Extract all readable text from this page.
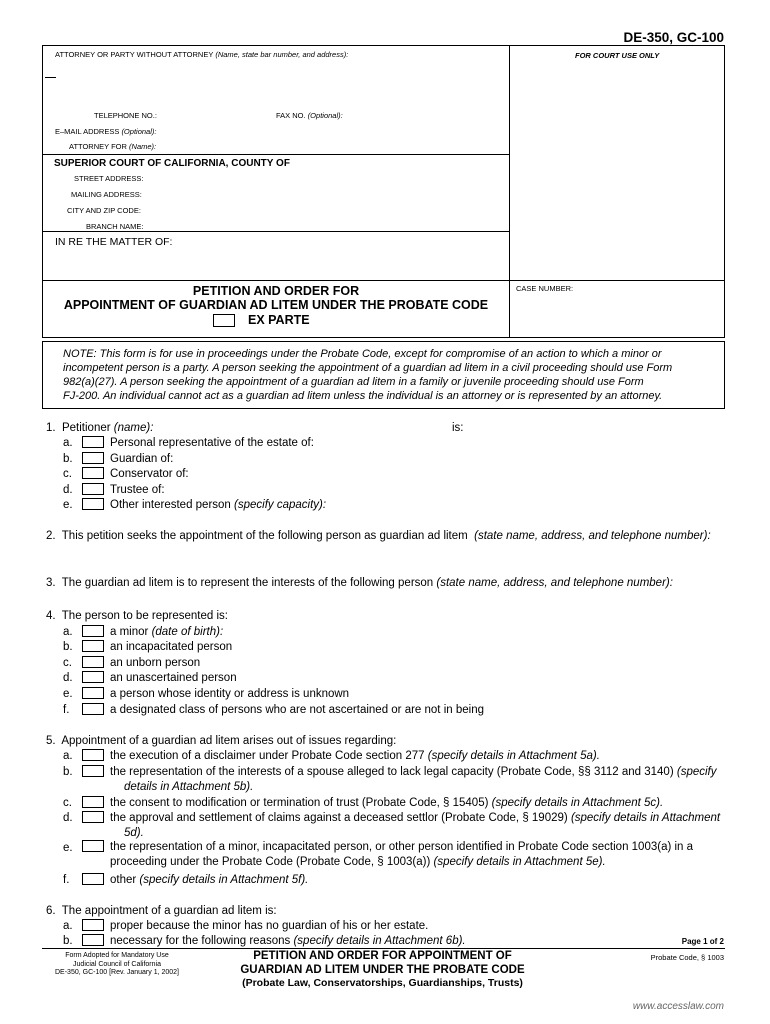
DE-350, GC-100
ATTORNEY OR PARTY WITHOUT ATTORNEY (Name, state bar number, and address):	FOR COURT USE ONLY
TELEPHONE NO.:	FAX NO. (Optional):
E–MAIL ADDRESS (Optional):
ATTORNEY FOR (Name):
SUPERIOR COURT OF CALIFORNIA, COUNTY OF
STREET ADDRESS:
MAILING ADDRESS:
CITY AND ZIP CODE:
BRANCH NAME:
IN RE THE MATTER OF:
PETITION AND ORDER FOR
APPOINTMENT OF GUARDIAN AD LITEM UNDER THE PROBATE CODE
EX PARTE
CASE NUMBER:
NOTE: This form is for use in proceedings under the Probate Code, except for compromise of an action to which a minor or
incompetent person is a party. A person seeking the appointment of a guardian ad litem in a civil proceeding should use Form
982(a)(27). A person seeking the appointment of a guardian ad litem in a family or juvenile proceeding should use Form
FJ-200. An individual cannot act as a guardian ad litem unless the individual is an attorney or is represented by an attorney.
1. Petitioner (name):	is:
a.	Personal representative of the estate of:
b.	Guardian of:
c.	Conservator of:
d.	Trustee of:
e.	Other interested person (specify capacity):
2. This petition seeks the appointment of the following person as guardian ad litem (state name, address, and telephone number):
3. The guardian ad litem is to represent the interests of the following person (state name, address, and telephone number):
4. The person to be represented is:
a.	a minor (date of birth):
b.	an incapacitated person
c.	an unborn person
d.	an unascertained person
e.	a person whose identity or address is unknown
f.	a designated class of persons who are not ascertained or are not in being
5. Appointment of a guardian ad litem arises out of issues regarding:
a.	the execution of a disclaimer under Probate Code section 277 (specify details in Attachment 5a).
b.	the representation of the interests of a spouse alleged to lack legal capacity (Probate Code, §§ 3112 and 3140) (specify
details in Attachment 5b).
c.	the consent to modification or termination of trust (Probate Code, § 15405) (specify details in Attachment 5c).
d.	the approval and settlement of claims against a deceased settlor (Probate Code, § 19029) (specify details in Attachment
5d).
e.	the representation of a minor, incapacitated person, or other person identified in Probate Code section 1003(a) in a
proceeding under the Probate Code (Probate Code, § 1003(a)) (specify details in Attachment 5e).
f.	other (specify details in Attachment 5f).
6. The appointment of a guardian ad litem is:
a.	proper because the minor has no guardian of his or her estate.
b.	necessary for the following reasons (specify details in Attachment 6b).	Page 1 of 2
Form Adopted for Mandatory Use
Judicial Council of California
DE-350, GC-100 [Rev. January 1, 2002]
PETITION AND ORDER FOR APPOINTMENT OF
GUARDIAN AD LITEM UNDER THE PROBATE CODE
(Probate Law, Conservatorships, Guardianships, Trusts)
Probate Code, § 1003
www.accesslaw.com
